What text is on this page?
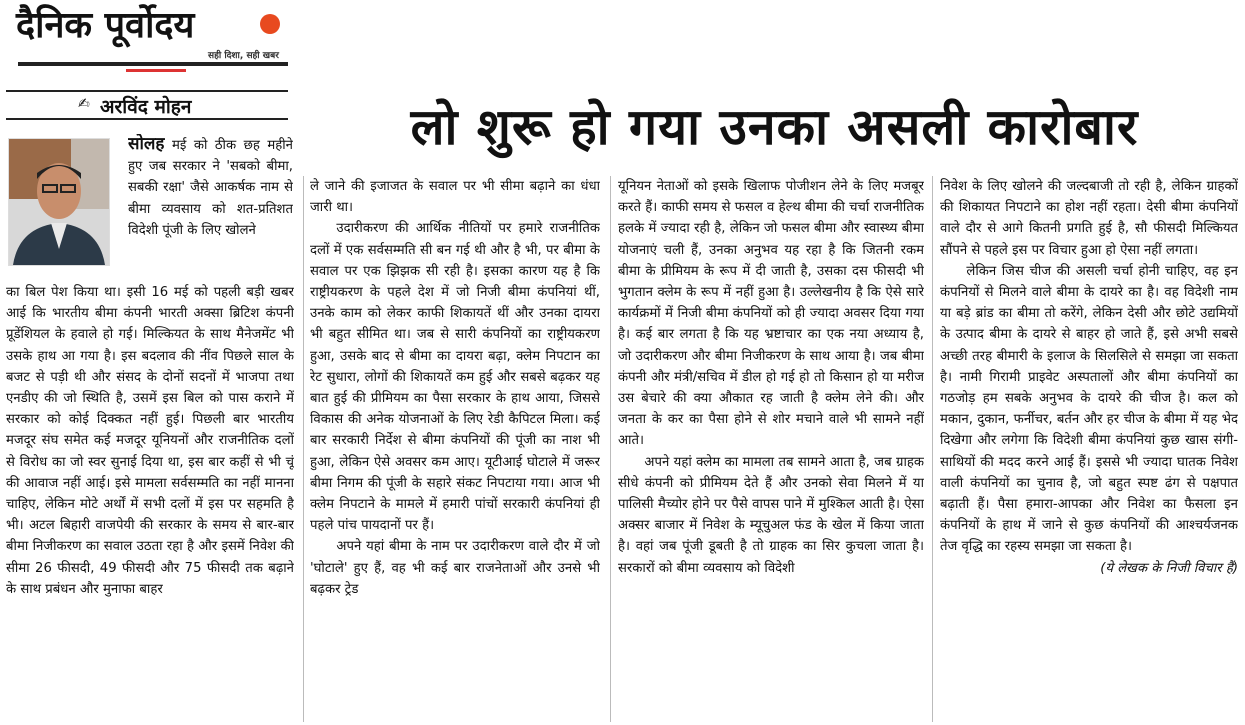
दैनिक पूर्वोदय
सही दिशा, सही खबर
✍ अरविंद मोहन	लो शुरू हो गया उनका असली कारोबार

सोलह मई को ठीक छह महीने हुए जब सरकार ने 'सबको बीमा, सबकी रक्षा' जैसे आकर्षक नाम से बीमा व्यवसाय को शत-प्रतिशत विदेशी पूंजी के लिए खोलने

का बिल पेश किया था। इसी 16 मई को पहली बड़ी खबर आई कि भारतीय बीमा कंपनी भारती अक्सा ब्रिटिश कंपनी प्रूडेंशियल के हवाले हो गई। मिल्कियत के साथ मैनेजमेंट भी उसके हाथ आ गया है। इस बदलाव की नींव पिछले साल के बजट से पड़ी थी और संसद के दोनों सदनों में भाजपा तथा एनडीए की जो स्थिति है, उसमें इस बिल को पास कराने में सरकार को कोई दिक्कत नहीं हुई। पिछली बार भारतीय मजदूर संघ समेत कई मजदूर यूनियनों और राजनीतिक दलों से विरोध का जो स्वर सुनाई दिया था, इस बार कहीं से भी चूं की आवाज नहीं आई। इसे मामला सर्वसम्मति का नहीं मानना चाहिए, लेकिन मोटे अर्थों में सभी दलों में इस पर सहमति है भी। अटल बिहारी वाजपेयी की सरकार के समय से बार-बार बीमा निजीकरण का सवाल उठता रहा है और इसमें निवेश की सीमा 26 फीसदी, 49 फीसदी और 75 फीसदी तक बढ़ाने के साथ प्रबंधन और मुनाफा बाहर

ले जाने की इजाजत के सवाल पर भी सीमा बढ़ाने का धंधा जारी था।

उदारीकरण की आर्थिक नीतियों पर हमारे राजनीतिक दलों में एक सर्वसम्मति सी बन गई थी और है भी, पर बीमा के सवाल पर एक झिझक सी रही है। इसका कारण यह है कि राष्ट्रीयकरण के पहले देश में जो निजी बीमा कंपनियां थीं, उनके काम को लेकर काफी शिकायतें थीं और उनका दायरा भी बहुत सीमित था। जब से सारी कंपनियों का राष्ट्रीयकरण हुआ, उसके बाद से बीमा का दायरा बढ़ा, क्लेम निपटान का रेट सुधारा, लोगों की शिकायतें कम हुई और सबसे बढ़कर यह बात हुई की प्रीमियम का पैसा सरकार के हाथ आया, जिससे विकास की अनेक योजनाओं के लिए रेडी कैपिटल मिला। कई बार सरकारी निर्देश से बीमा कंपनियों की पूंजी का नाश भी हुआ, लेकिन ऐसे अवसर कम आए। यूटीआई घोटाले में जरूर बीमा निगम की पूंजी के सहारे संकट निपटाया गया। आज भी क्लेम निपटाने के मामले में हमारी पांचों सरकारी कंपनियां ही पहले पांच पायदानों पर हैं।

अपने यहां बीमा के नाम पर उदारीकरण वाले दौर में जो 'घोटाले' हुए हैं, वह भी कई बार राजनेताओं और उनसे भी बढ़कर ट्रेड

यूनियन नेताओं को इसके खिलाफ पोजीशन लेने के लिए मजबूर करते हैं। काफी समय से फसल व हेल्थ बीमा की चर्चा राजनीतिक हलके में ज्यादा रही है, लेकिन जो फसल बीमा और स्वास्थ्य बीमा योजनाएं चली हैं, उनका अनुभव यह रहा है कि जितनी रकम बीमा के प्रीमियम के रूप में दी जाती है, उसका दस फीसदी भी भुगतान क्लेम के रूप में नहीं हुआ है। उल्लेखनीय है कि ऐसे सारे कार्यक्रमों में निजी बीमा कंपनियों को ही ज्यादा अवसर दिया गया है। कई बार लगता है कि यह भ्रष्टाचार का एक नया अध्याय है, जो उदारीकरण और बीमा निजीकरण के साथ आया है। जब बीमा कंपनी और मंत्री/सचिव में डील हो गई हो तो किसान हो या मरीज उस बेचारे की क्या औकात रह जाती है क्लेम लेने की। और जनता के कर का पैसा होने से शोर मचाने वाले भी सामने नहीं आते।

अपने यहां क्लेम का मामला तब सामने आता है, जब ग्राहक सीधे कंपनी को प्रीमियम देते हैं और उनको सेवा मिलने में या पालिसी मैच्योर होने पर पैसे वापस पाने में मुश्किल आती है। ऐसा अक्सर बाजार में निवेश के म्यूचुअल फंड के खेल में किया जाता है। वहां जब पूंजी डूबती है तो ग्राहक का सिर कुचला जाता है। सरकारों को बीमा व्यवसाय को विदेशी

निवेश के लिए खोलने की जल्दबाजी तो रही है, लेकिन ग्राहकों की शिकायत निपटाने का होश नहीं रहता। देसी बीमा कंपनियों वाले दौर से आगे कितनी प्रगति हुई है, सौ फीसदी मिल्कियत सौंपने से पहले इस पर विचार हुआ हो ऐसा नहीं लगता।

लेकिन जिस चीज की असली चर्चा होनी चाहिए, वह इन कंपनियों से मिलने वाले बीमा के दायरे का है। वह विदेशी नाम या बड़े ब्रांड का बीमा तो करेंगे, लेकिन देसी और छोटे उद्यमियों के उत्पाद बीमा के दायरे से बाहर हो जाते हैं, इसे अभी सबसे अच्छी तरह बीमारी के इलाज के सिलसिले से समझा जा सकता है। नामी गिरामी प्राइवेट अस्पतालों और बीमा कंपनियों का गठजोड़ हम सबके अनुभव के दायरे की चीज है। कल को मकान, दुकान, फर्नीचर, बर्तन और हर चीज के बीमा में यह भेद दिखेगा और लगेगा कि विदेशी बीमा कंपनियां कुछ खास संगी-साथियों की मदद करने आई हैं। इससे भी ज्यादा घातक निवेश वाली कंपनियों का चुनाव है, जो बहुत स्पष्ट ढंग से पक्षपात बढ़ाती हैं। पैसा हमारा-आपका और निवेश का फैसला इन कंपनियों के हाथ में जाने से कुछ कंपनियों की आश्चर्यजनक तेज वृद्धि का रहस्य समझा जा सकता है।

(ये लेखक के निजी विचार हैं)
